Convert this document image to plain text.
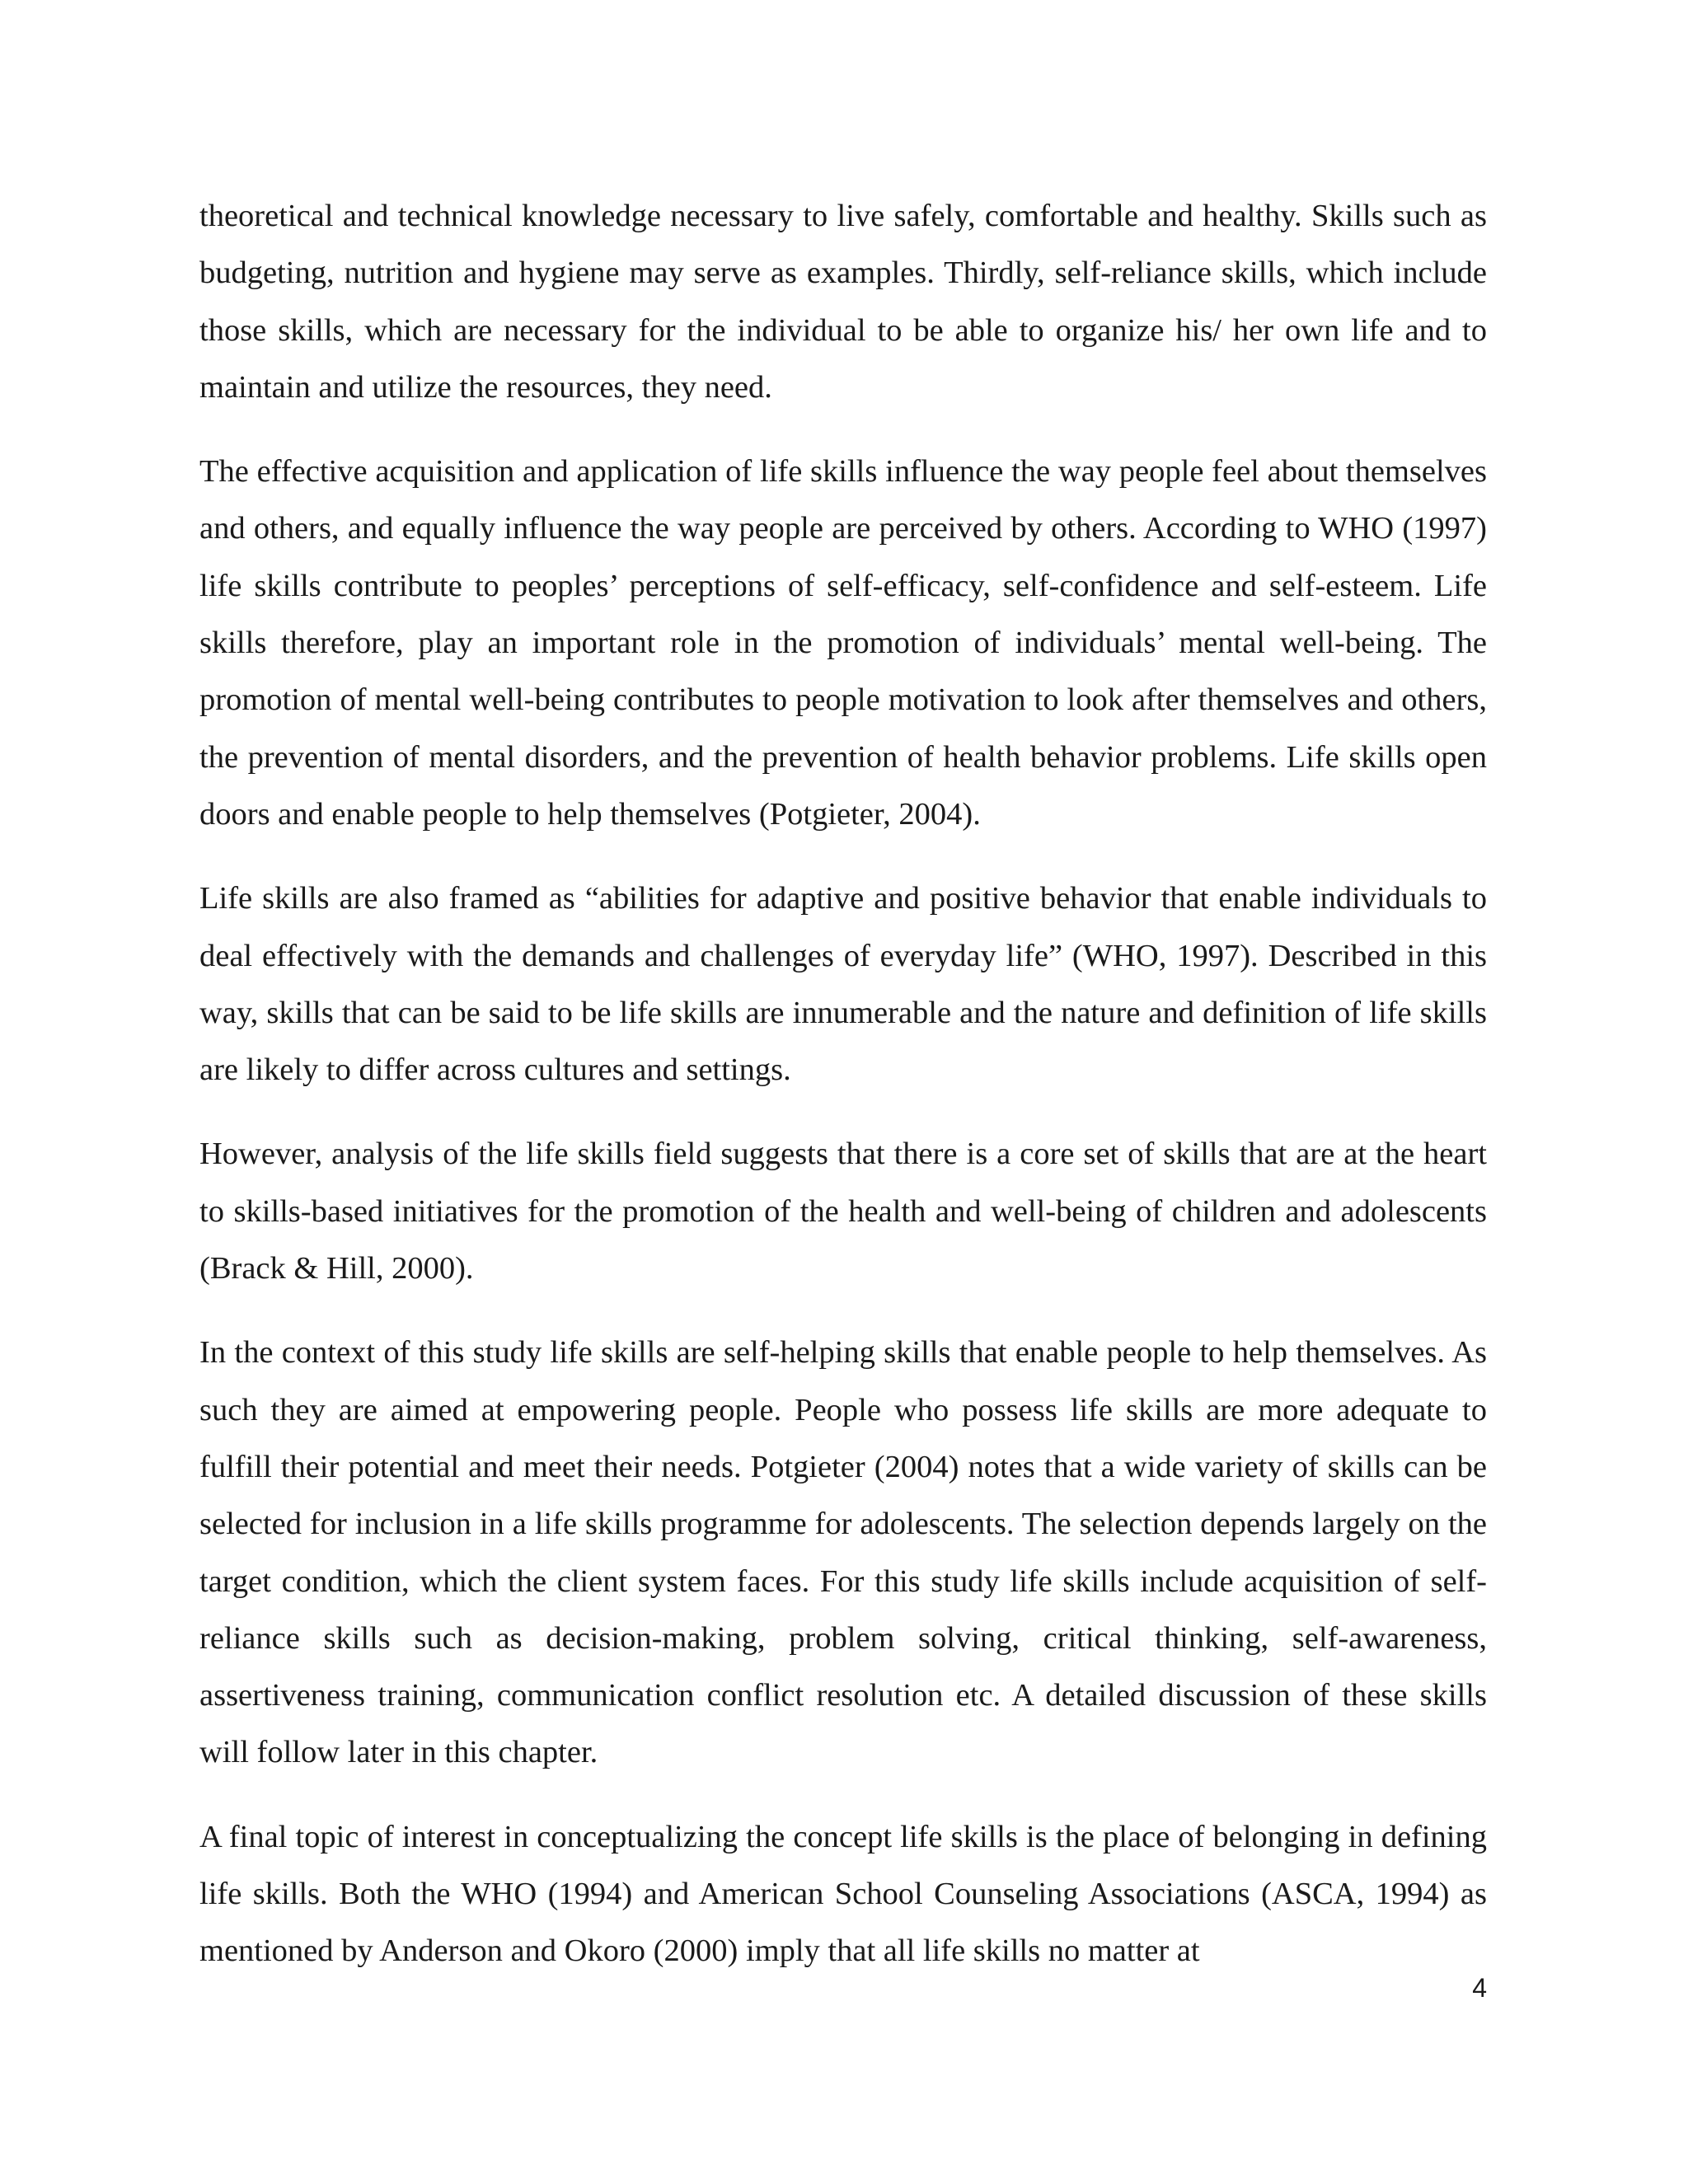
theoretical and technical knowledge necessary to live safely, comfortable and healthy. Skills such as budgeting, nutrition and hygiene may serve as examples. Thirdly, self-reliance skills, which include those skills, which are necessary for the individual to be able to organize his/ her own life and to maintain and utilize the resources, they need.

The effective acquisition and application of life skills influence the way people feel about themselves and others, and equally influence the way people are perceived by others. According to WHO (1997) life skills contribute to peoples’ perceptions of self-efficacy, self-confidence and self-esteem. Life skills therefore, play an important role in the promotion of individuals’ mental well-being. The promotion of mental well-being contributes to people motivation to look after themselves and others, the prevention of mental disorders, and the prevention of health behavior problems. Life skills open doors and enable people to help themselves (Potgieter, 2004).

Life skills are also framed as “abilities for adaptive and positive behavior that enable individuals to deal effectively with the demands and challenges of everyday life” (WHO, 1997). Described in this way, skills that can be said to be life skills are innumerable and the nature and definition of life skills are likely to differ across cultures and settings.

However, analysis of the life skills field suggests that there is a core set of skills that are at the heart to skills-based initiatives for the promotion of the health and well-being of children and adolescents (Brack & Hill, 2000).

In the context of this study life skills are self-helping skills that enable people to help themselves. As such they are aimed at empowering people. People who possess life skills are more adequate to fulfill their potential and meet their needs. Potgieter (2004) notes that a wide variety of skills can be selected for inclusion in a life skills programme for adolescents. The selection depends largely on the target condition, which the client system faces. For this study life skills include acquisition of self-reliance skills such as decision-making, problem solving, critical thinking, self-awareness, assertiveness training, communication conflict resolution etc. A detailed discussion of these skills will follow later in this chapter.

A final topic of interest in conceptualizing the concept life skills is the place of belonging in defining life skills. Both the WHO (1994) and American School Counseling Associations (ASCA, 1994) as mentioned by Anderson and Okoro (2000) imply that all life skills no matter at

4
